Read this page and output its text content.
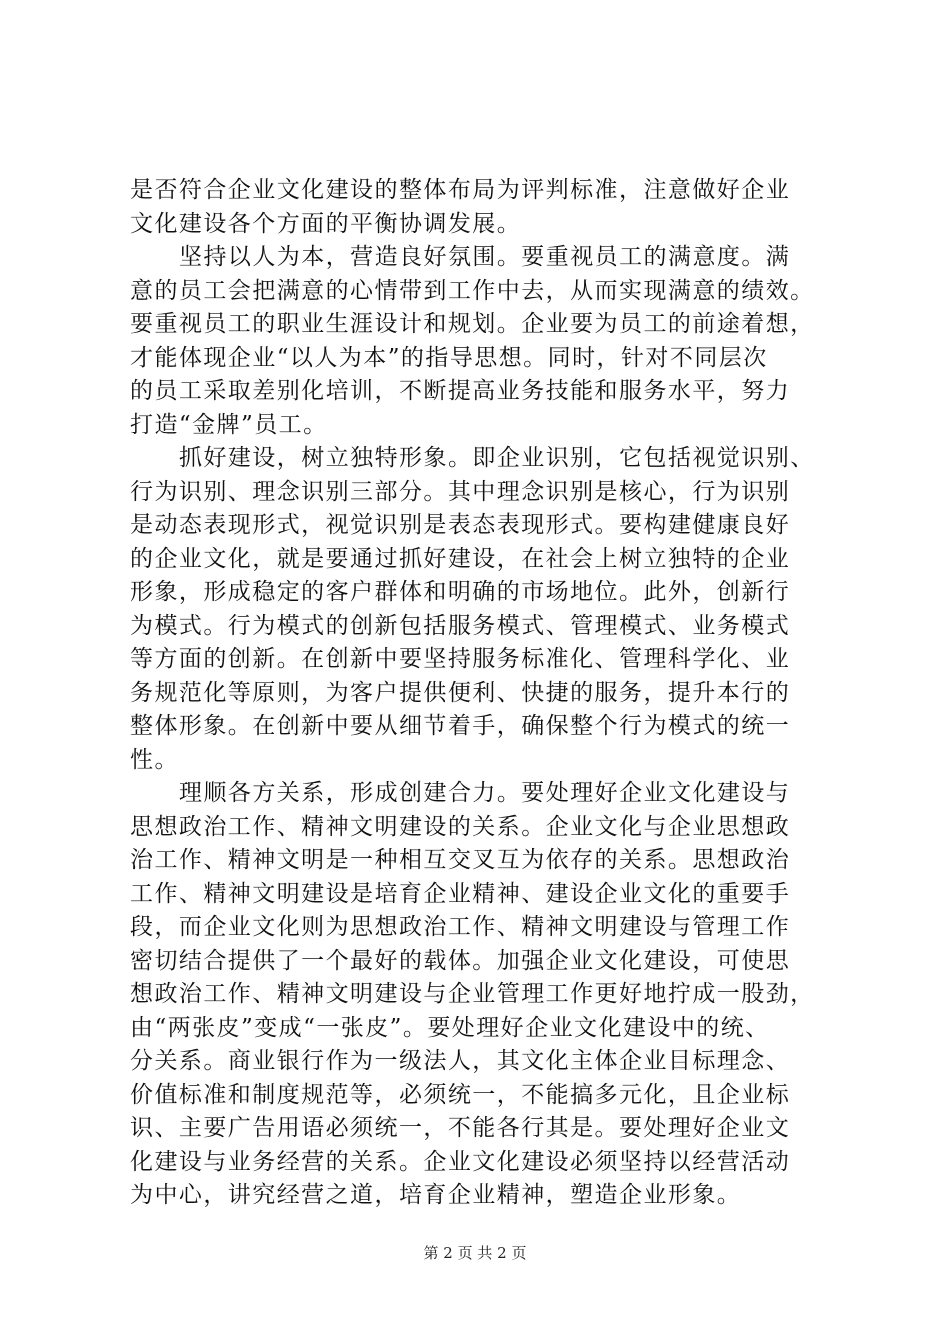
是否符合企业文化建设的整体布局为评判标准，注意做好企业
文化建设各个方面的平衡协调发展。
坚持以人为本，营造良好氛围。要重视员工的满意度。满
意的员工会把满意的心情带到工作中去，从而实现满意的绩效。
要重视员工的职业生涯设计和规划。企业要为员工的前途着想，
才能体现企业“以人为本”的指导思想。同时，针对不同层次
的员工采取差别化培训，不断提高业务技能和服务水平，努力
打造“金牌”员工。
抓好建设，树立独特形象。即企业识别，它包括视觉识别、
行为识别、理念识别三部分。其中理念识别是核心，行为识别
是动态表现形式，视觉识别是表态表现形式。要构建健康良好
的企业文化，就是要通过抓好建设，在社会上树立独特的企业
形象，形成稳定的客户群体和明确的市场地位。此外，创新行
为模式。行为模式的创新包括服务模式、管理模式、业务模式
等方面的创新。在创新中要坚持服务标准化、管理科学化、业
务规范化等原则，为客户提供便利、快捷的服务，提升本行的
整体形象。在创新中要从细节着手，确保整个行为模式的统一
性。
理顺各方关系，形成创建合力。要处理好企业文化建设与
思想政治工作、精神文明建设的关系。企业文化与企业思想政
治工作、精神文明是一种相互交叉互为依存的关系。思想政治
工作、精神文明建设是培育企业精神、建设企业文化的重要手
段，而企业文化则为思想政治工作、精神文明建设与管理工作
密切结合提供了一个最好的载体。加强企业文化建设，可使思
想政治工作、精神文明建设与企业管理工作更好地拧成一股劲，
由“两张皮”变成“一张皮”。要处理好企业文化建设中的统、
分关系。商业银行作为一级法人，其文化主体企业目标理念、
价值标准和制度规范等，必须统一，不能搞多元化，且企业标
识、主要广告用语必须统一，不能各行其是。要处理好企业文
化建设与业务经营的关系。企业文化建设必须坚持以经营活动
为中心，讲究经营之道，培育企业精神，塑造企业形象。
第 2 页 共 2 页
